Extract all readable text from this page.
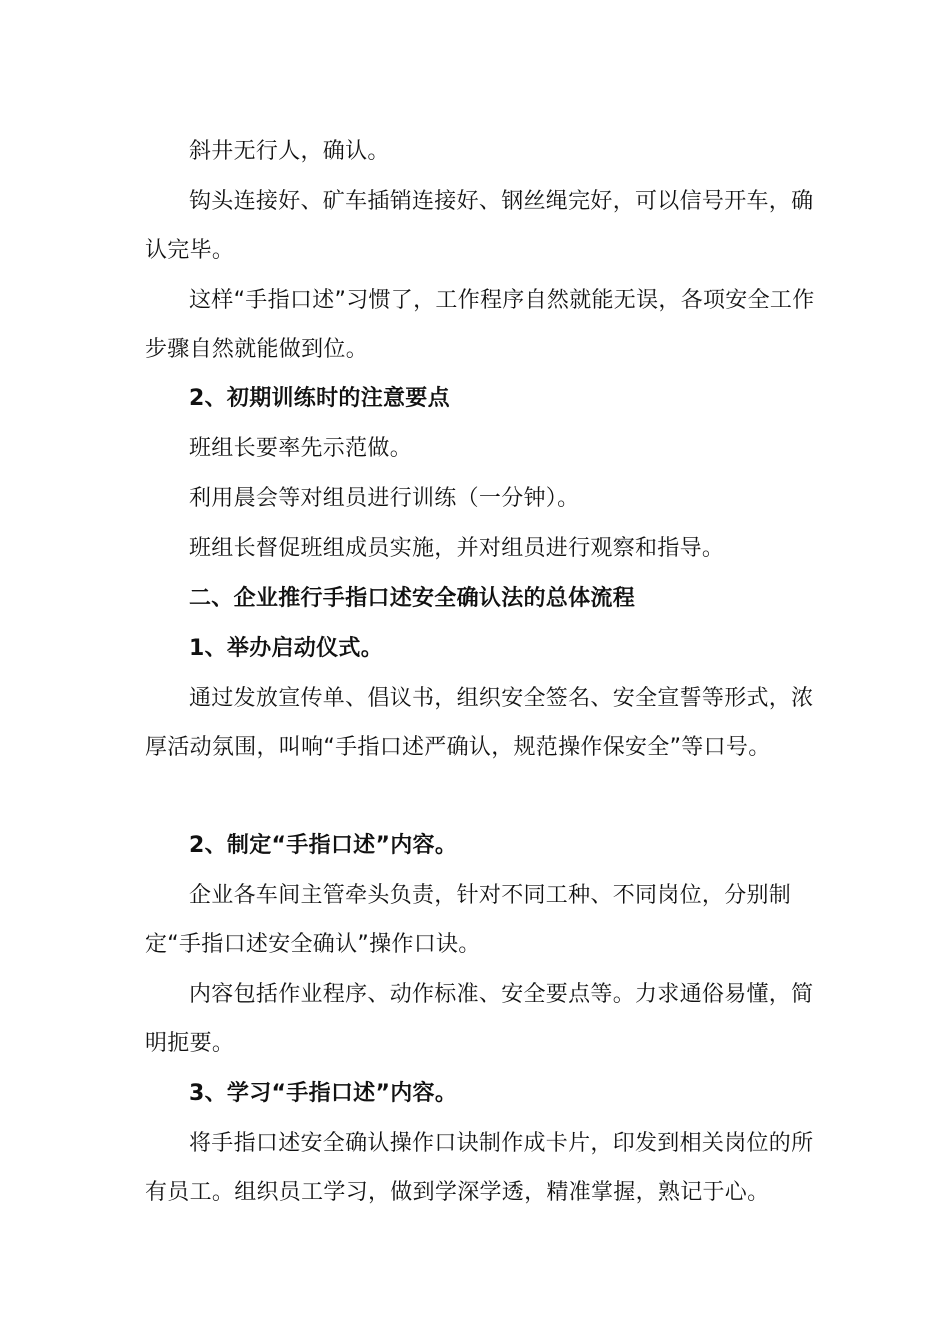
斜井无行人，确认。

钩头连接好、矿车插销连接好、钢丝绳完好，可以信号开车，确认完毕。

这样“手指口述”习惯了，工作程序自然就能无误，各项安全工作步骤自然就能做到位。

2、初期训练时的注意要点

班组长要率先示范做。

利用晨会等对组员进行训练（一分钟）。

班组长督促班组成员实施，并对组员进行观察和指导。

二、企业推行手指口述安全确认法的总体流程

1、举办启动仪式。

通过发放宣传单、倡议书，组织安全签名、安全宣誓等形式，浓厚活动氛围，叫响“手指口述严确认，规范操作保安全”等口号。

2、制定“手指口述”内容。

企业各车间主管牵头负责，针对不同工种、不同岗位，分别制定“手指口述安全确认”操作口诀。

内容包括作业程序、动作标准、安全要点等。力求通俗易懂，简明扼要。

3、学习“手指口述”内容。

将手指口述安全确认操作口诀制作成卡片，印发到相关岗位的所有员工。组织员工学习，做到学深学透，精准掌握，熟记于心。
